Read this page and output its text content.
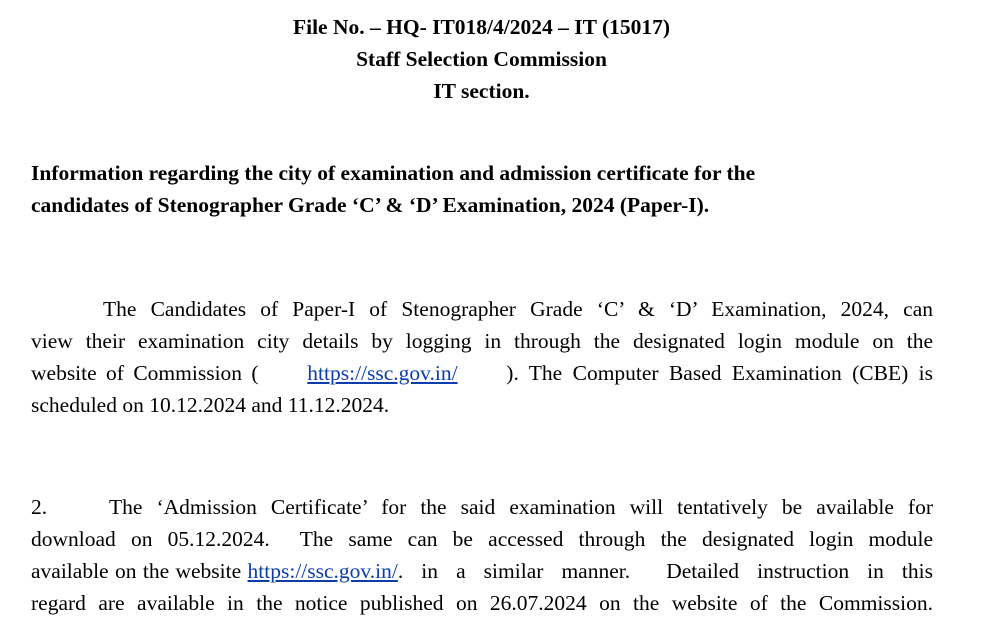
File No. – HQ- IT018/4/2024 – IT (15017)
Staff Selection Commission
IT section.
Information regarding the city of examination and admission certificate for the
candidates of Stenographer Grade ‘C’ & ‘D’ Examination, 2024 (Paper-I).
The Candidates of Paper-I of Stenographer Grade ‘C’ & ‘D’ Examination, 2024, can
view their examination city details by logging in through the designated login module on the
website of Commission ( https://ssc.gov.in/ ). The Computer Based Examination (CBE) is
scheduled on 10.12.2024 and 11.12.2024.
2.	The ‘Admission Certificate’ for the said examination will tentatively be available for
download on 05.12.2024.  The same can be accessed through the designated login module
available on the website https://ssc.gov.in/ . in a similar manner.  Detailed instruction in this
regard are available in the notice published on 26.07.2024 on the website of the Commission.
